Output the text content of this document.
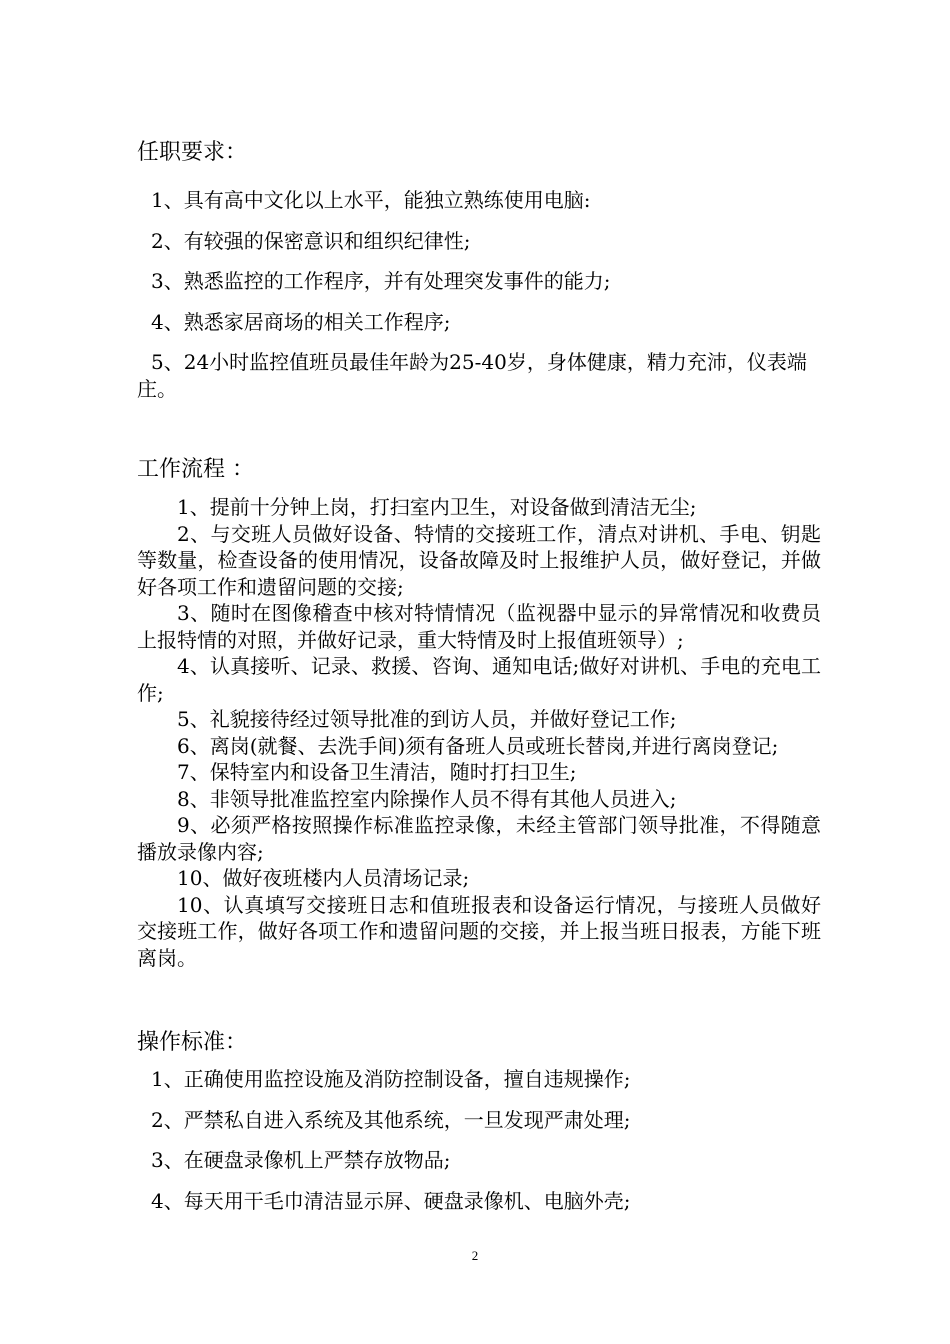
任职要求：

1、具有高中文化以上水平，能独立熟练使用电脑:

2、有较强的保密意识和组织纪律性;

3、熟悉监控的工作程序，并有处理突发事件的能力;

4、熟悉家居商场的相关工作程序;

5、24小时监控值班员最佳年龄为25-40岁，身体健康，精力充沛，仪表端庄。

工作流程 ：

1、提前十分钟上岗，打扫室内卫生，对设备做到清洁无尘;

2、与交班人员做好设备、特情的交接班工作，清点对讲机、手电、钥匙等数量，检查设备的使用情况，设备故障及时上报维护人员，做好登记，并做好各项工作和遗留问题的交接;

3、随时在图像稽查中核对特情情况（监视器中显示的异常情况和收费员上报特情的对照，并做好记录，重大特情及时上报值班领导）;

4、认真接听、记录、救援、咨询、通知电话;做好对讲机、手电的充电工作;

5、礼貌接待经过领导批准的到访人员，并做好登记工作;

6、离岗(就餐、去洗手间)须有备班人员或班长替岗,并进行离岗登记;

7、保特室内和设备卫生清洁，随时打扫卫生;

8、非领导批准监控室内除操作人员不得有其他人员进入;

9、必须严格按照操作标准监控录像，未经主管部门领导批准，不得随意播放录像内容;

10、做好夜班楼内人员清场记录;

10、认真填写交接班日志和值班报表和设备运行情况，与接班人员做好交接班工作，做好各项工作和遗留问题的交接，并上报当班日报表，方能下班离岗。

操作标准：

1、正确使用监控设施及消防控制设备，擅自违规操作;

2、严禁私自进入系统及其他系统，一旦发现严肃处理;

3、在硬盘录像机上严禁存放物品;

4、每天用干毛巾清洁显示屏、硬盘录像机、电脑外壳;

2
